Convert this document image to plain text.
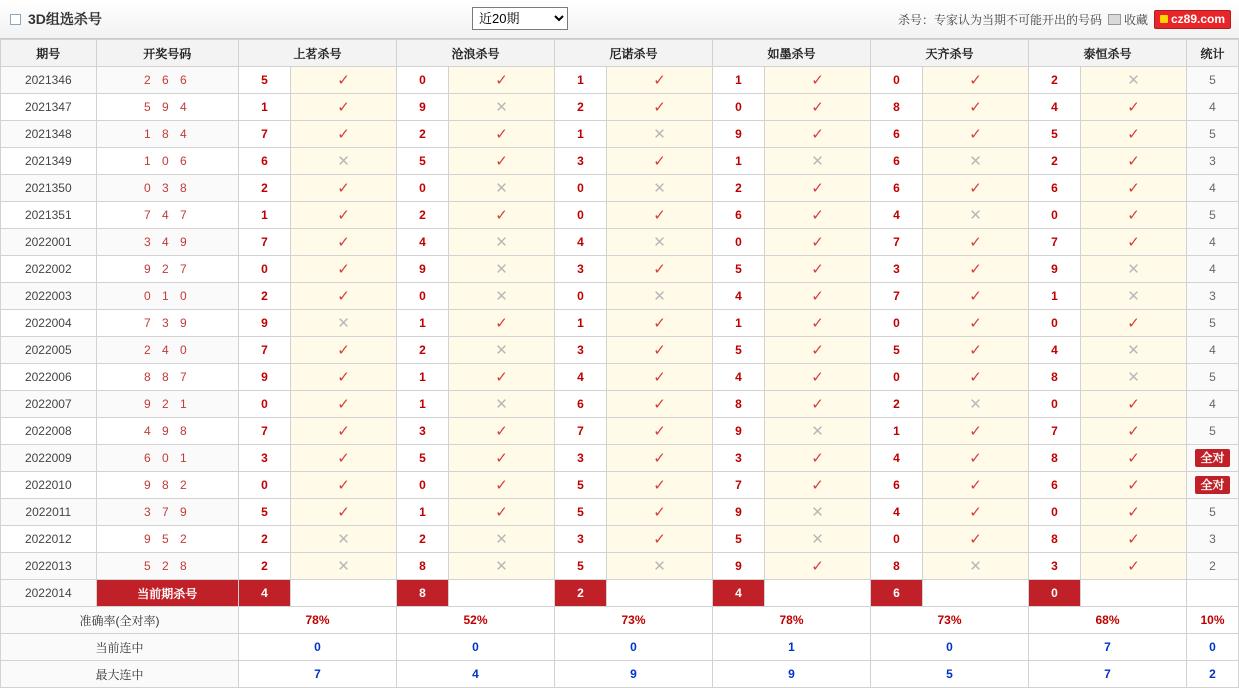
3D组选杀号
近20期	杀号：专家认为当期不可能开出的号码 收藏 cz89.com
期号	开奖号码	上茗杀号		沧浪杀号		尼诺杀号		如墨杀号		天齐杀号		泰恒杀号		统计
2021346	2 6 6	5	✓	0	✓	1	✓	1	✓	0	✓	2	✕	5
2021347	5 9 4	1	✓	9	✕	2	✓	0	✓	8	✓	4	✓	4
2021348	1 8 4	7	✓	2	✓	1	✕	9	✓	6	✓	5	✓	5
2021349	1 0 6	6	✕	5	✓	3	✓	1	✕	6	✕	2	✓	3
2021350	0 3 8	2	✓	0	✕	0	✕	2	✓	6	✓	6	✓	4
2021351	7 4 7	1	✓	2	✓	0	✓	6	✓	4	✕	0	✓	5
2022001	3 4 9	7	✓	4	✕	4	✕	0	✓	7	✓	7	✓	4
2022002	9 2 7	0	✓	9	✕	3	✓	5	✓	3	✓	9	✕	4
2022003	0 1 0	2	✓	0	✕	0	✕	4	✓	7	✓	1	✕	3
2022004	7 3 9	9	✕	1	✓	1	✓	1	✓	0	✓	0	✓	5
2022005	2 4 0	7	✓	2	✕	3	✓	5	✓	5	✓	4	✕	4
2022006	8 8 7	9	✓	1	✓	4	✓	4	✓	0	✓	8	✕	5
2022007	9 2 1	0	✓	1	✕	6	✓	8	✓	2	✕	0	✓	4
2022008	4 9 8	7	✓	3	✓	7	✓	9	✕	1	✓	7	✓	5
2022009	6 0 1	3	✓	5	✓	3	✓	3	✓	4	✓	8	✓	全对
2022010	9 8 2	0	✓	0	✓	5	✓	7	✓	6	✓	6	✓	全对
2022011	3 7 9	5	✓	1	✓	5	✓	9	✕	4	✓	0	✓	5
2022012	9 5 2	2	✕	2	✕	3	✓	5	✕	0	✓	8	✓	3
2022013	5 2 8	2	✕	8	✕	5	✕	9	✓	8	✕	3	✓	2
2022014	当前期杀号	4		8		2		4		6		0		
准确率(全对率)		78%		52%		73%		78%		73%		68%		10%
当前连中		0		0		0		1		0		7		0
最大连中		7		4		9		9		5		7		2
